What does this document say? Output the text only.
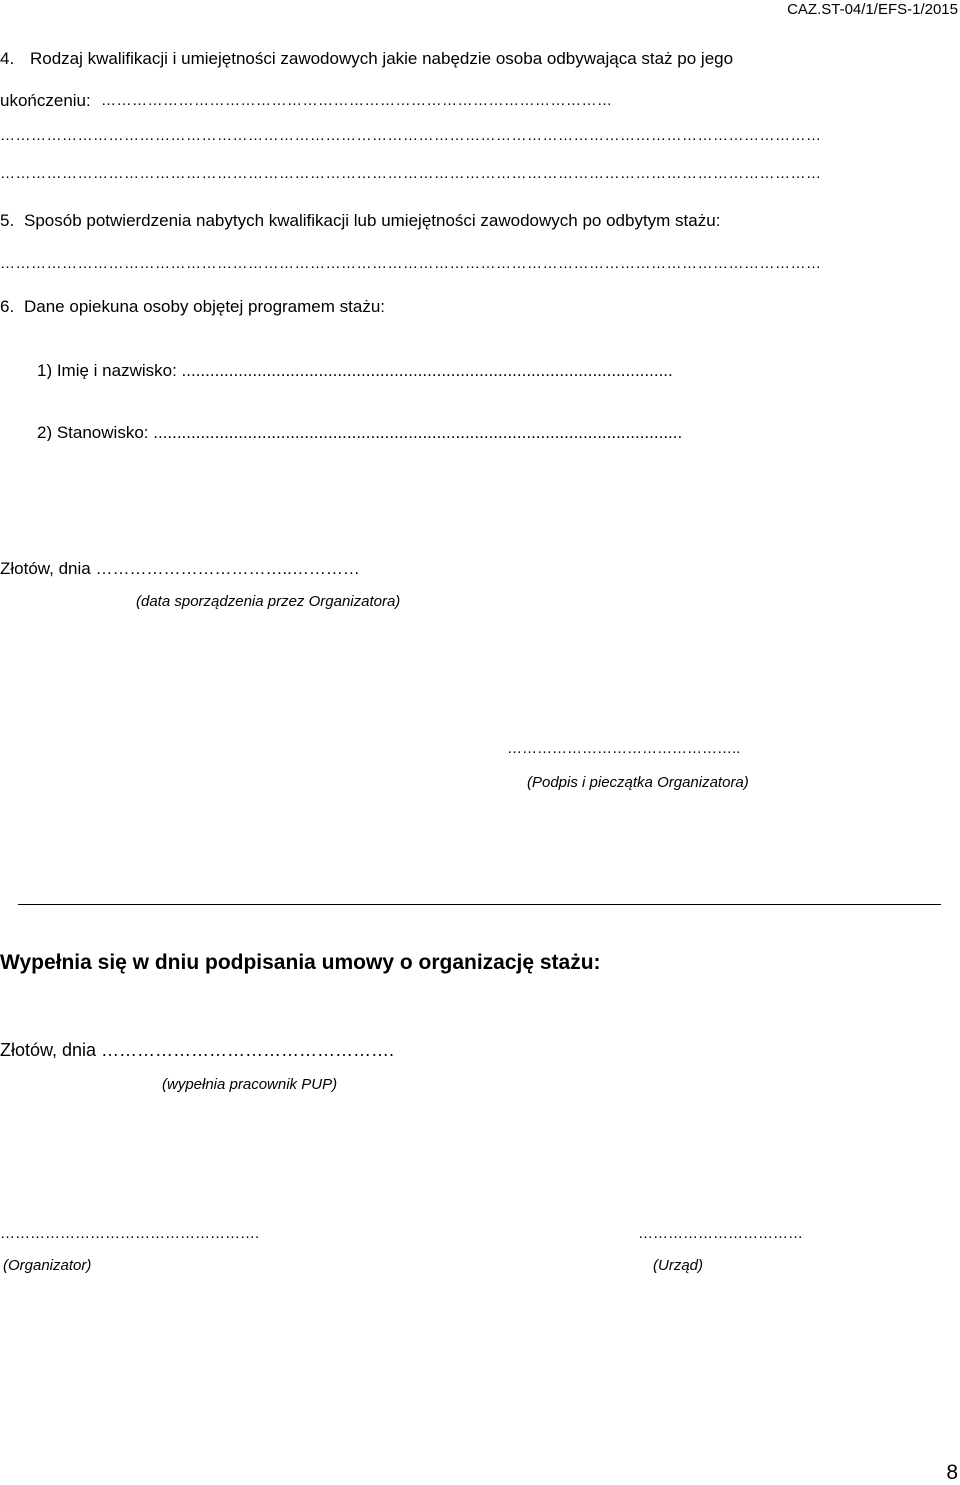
CAZ.ST-04/1/EFS-1/2015
4. Rodzaj kwalifikacji i umiejętności zawodowych jakie nabędzie osoba odbywająca staż po jego
ukończeniu: ………………………………………………………………………………………
……………………………………………………………………………………………………………………………………………
……………………………………………………………………………………………………………………………………………
5. Sposób potwierdzenia nabytych kwalifikacji lub umiejętności zawodowych po odbytym stażu:
……………………………………………………………………………………………………………………………………………
6. Dane opiekuna osoby objętej programem stażu:
1) Imię i nazwisko: ........................................................................................................
2) Stanowisko: ................................................................................................................
Złotów, dnia ……………………………..…………
(data sporządzenia przez Organizatora)
………………………………………..
(Podpis i pieczątka Organizatora)
Wypełnia się w dniu podpisania umowy o organizację stażu:
Złotów, dnia ………………………………………….
(wypełnia pracownik PUP)
…………………………………………….
(Organizator)
……………………………
(Urząd)
8
